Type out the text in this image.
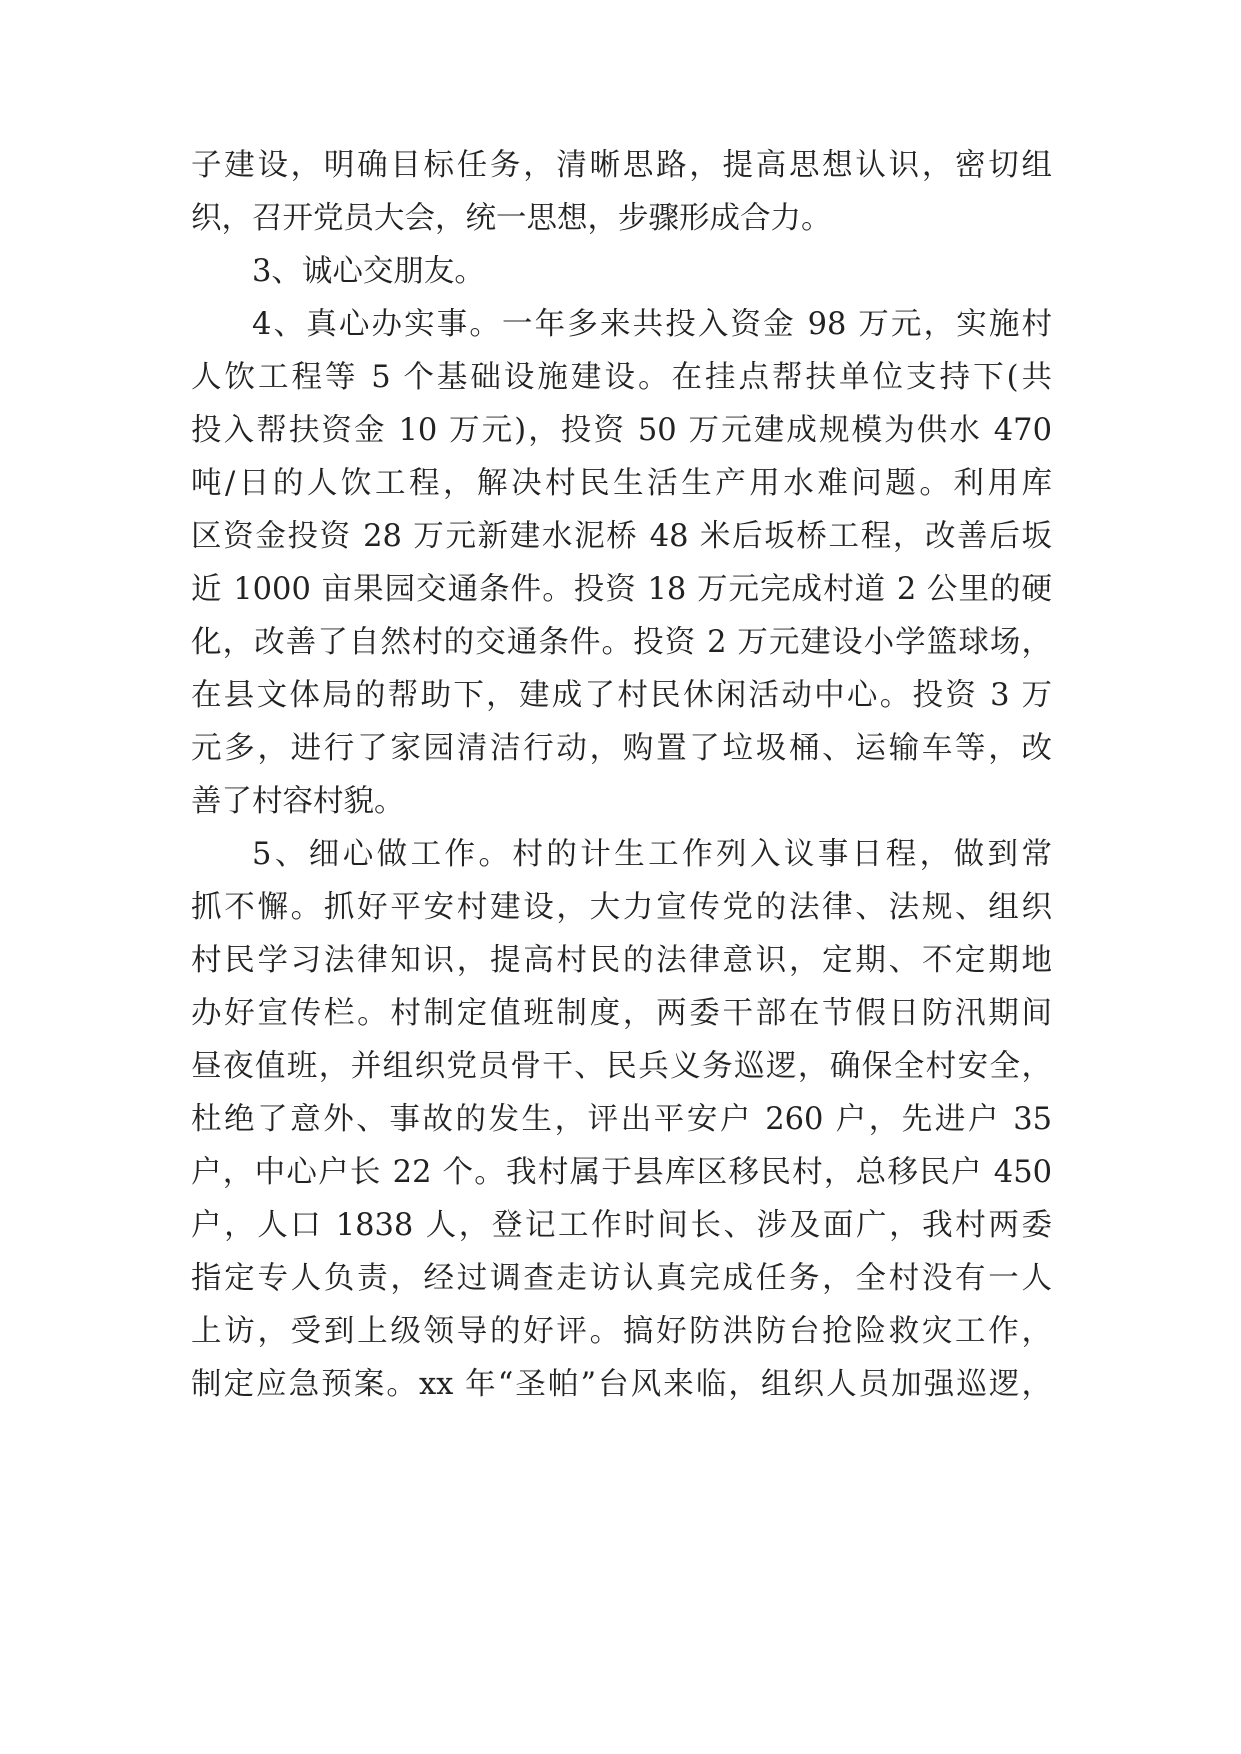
子建设，明确目标任务，清晰思路，提高思想认识，密切组
织，召开党员大会，统一思想，步骤形成合力。
3、诚心交朋友。
4、真心办实事。一年多来共投入资金 98 万元，实施村
人饮工程等 5 个基础设施建设。在挂点帮扶单位支持下(共
投入帮扶资金 10 万元)，投资 50 万元建成规模为供水 470
吨/日的人饮工程，解决村民生活生产用水难问题。利用库
区资金投资 28 万元新建水泥桥 48 米后坂桥工程，改善后坂
近 1000 亩果园交通条件。投资 18 万元完成村道 2 公里的硬
化，改善了自然村的交通条件。投资 2 万元建设小学篮球场，
在县文体局的帮助下，建成了村民休闲活动中心。投资 3 万
元多，进行了家园清洁行动，购置了垃圾桶、运输车等，改
善了村容村貌。
5、细心做工作。村的计生工作列入议事日程，做到常
抓不懈。抓好平安村建设，大力宣传党的法律、法规、组织
村民学习法律知识，提高村民的法律意识，定期、不定期地
办好宣传栏。村制定值班制度，两委干部在节假日防汛期间
昼夜值班，并组织党员骨干、民兵义务巡逻，确保全村安全，
杜绝了意外、事故的发生，评出平安户 260 户，先进户 35
户，中心户长 22 个。我村属于县库区移民村，总移民户 450
户，人口 1838 人，登记工作时间长、涉及面广，我村两委
指定专人负责，经过调查走访认真完成任务，全村没有一人
上访，受到上级领导的好评。搞好防洪防台抢险救灾工作，
制定应急预案。xx 年“圣帕”台风来临，组织人员加强巡逻，
